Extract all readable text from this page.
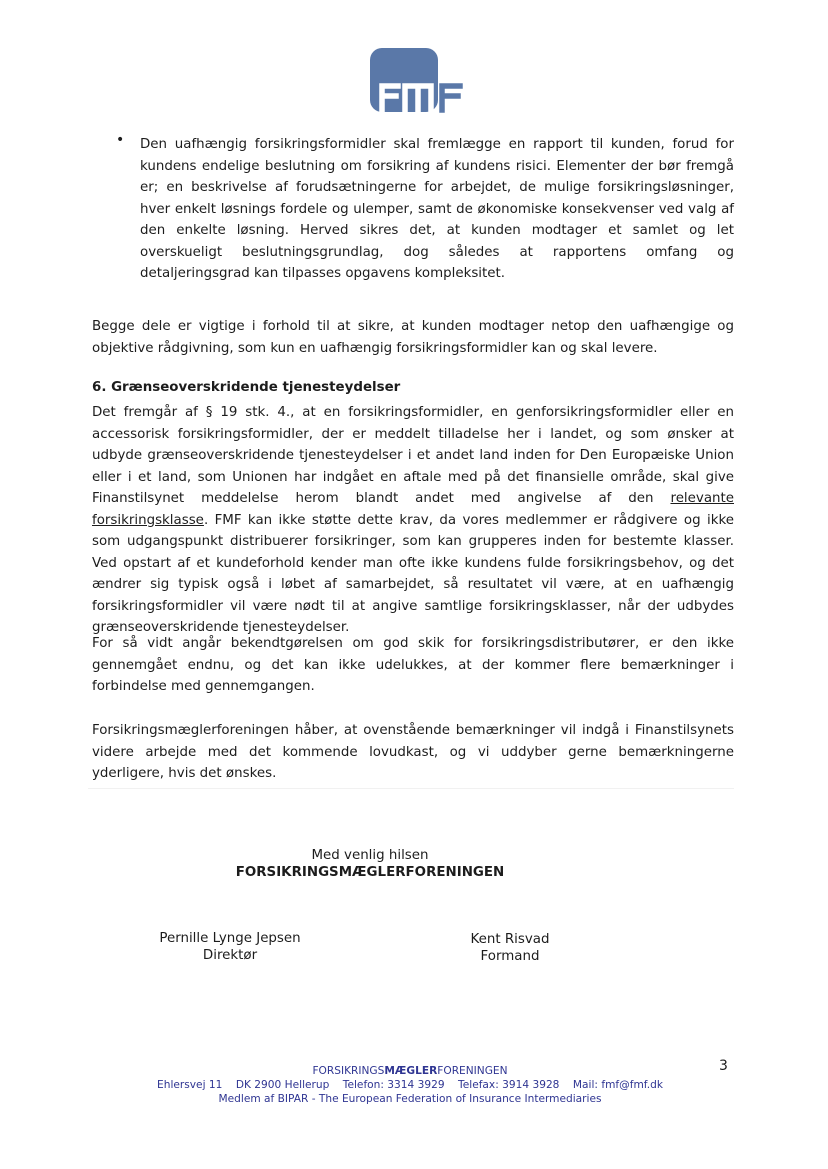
• Den uafhængig forsikringsformidler skal fremlægge en rapport til kunden, forud for kundens endelige beslutning om forsikring af kundens risici. Elementer der bør fremgå er; en beskrivelse af forudsætningerne for arbejdet, de mulige forsikringsløsninger, hver enkelt løsnings fordele og ulemper, samt de økonomiske konsekvenser ved valg af den enkelte løsning. Herved sikres det, at kunden modtager et samlet og let overskueligt beslutningsgrundlag, dog således at rapportens omfang og detaljeringsgrad kan tilpasses opgavens kompleksitet.
Begge dele er vigtige i forhold til at sikre, at kunden modtager netop den uafhængige og objektive rådgivning, som kun en uafhængig forsikringsformidler kan og skal levere.
6. Grænseoverskridende tjenesteydelser
Det fremgår af § 19 stk. 4., at en forsikringsformidler, en genforsikringsformidler eller en accessorisk forsikringsformidler, der er meddelt tilladelse her i landet, og som ønsker at udbyde grænseoverskridende tjenesteydelser i et andet land inden for Den Europæiske Union eller i et land, som Unionen har indgået en aftale med på det finansielle område, skal give Finanstilsynet meddelelse herom blandt andet med angivelse af den relevante forsikringsklasse. FMF kan ikke støtte dette krav, da vores medlemmer er rådgivere og ikke som udgangspunkt distribuerer forsikringer, som kan grupperes inden for bestemte klasser. Ved opstart af et kundeforhold kender man ofte ikke kundens fulde forsikringsbehov, og det ændrer sig typisk også i løbet af samarbejdet, så resultatet vil være, at en uafhængig forsikringsformidler vil være nødt til at angive samtlige forsikringsklasser, når der udbydes grænseoverskridende tjenesteydelser.
For så vidt angår bekendtgørelsen om god skik for forsikringsdistributører, er den ikke gennemgået endnu, og det kan ikke udelukkes, at der kommer flere bemærkninger i forbindelse med gennemgangen.
Forsikringsmæglerforeningen håber, at ovenstående bemærkninger vil indgå i Finanstilsynets videre arbejde med det kommende lovudkast, og vi uddyber gerne bemærkningerne yderligere, hvis det ønskes.
Med venlig hilsen
FORSIKRINGSMÆGLERFORENINGEN
Pernille Lynge Jepsen
Direktør
Kent Risvad
Formand
FORSIKRINGSMÆGLERFORENINGEN
Ehlersvej 11    DK 2900 Hellerup    Telefon: 3314 3929    Telefax: 3914 3928    Mail: fmf@fmf.dk
Medlem af BIPAR - The European Federation of Insurance Intermediaries
3
